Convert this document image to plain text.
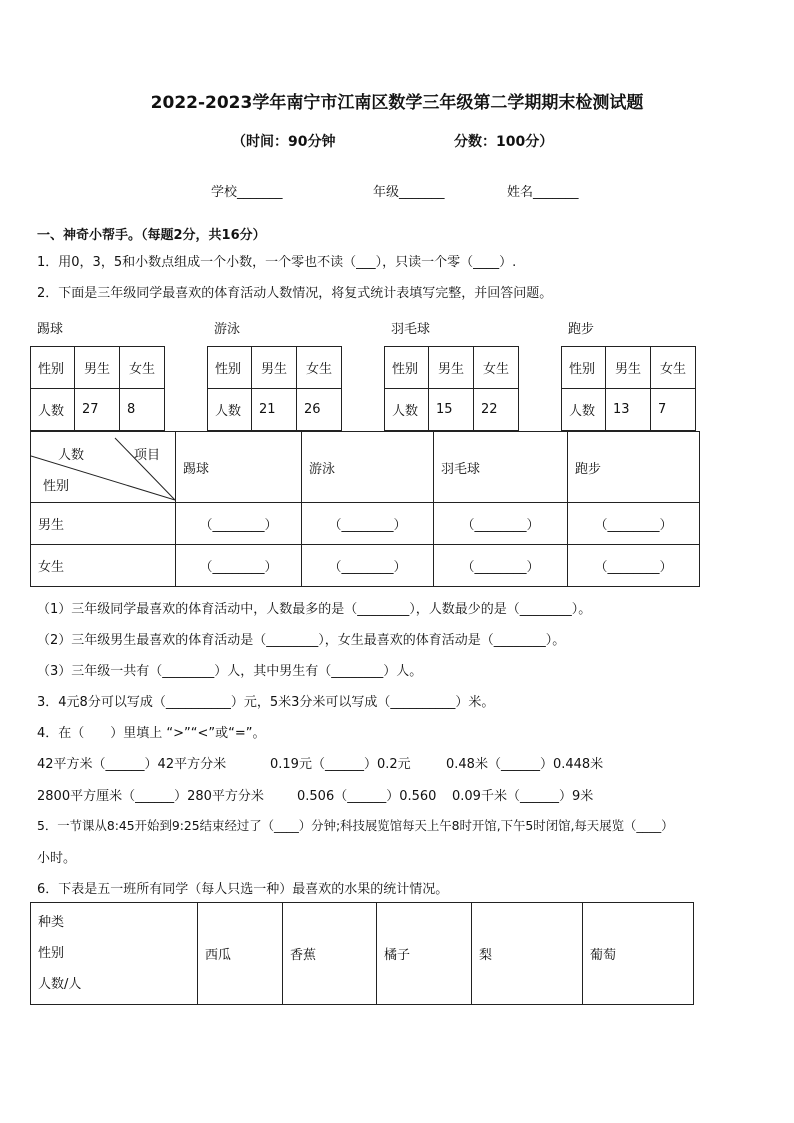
2022-2023学年南宁市江南区数学三年级第二学期期末检测试题
（时间：90分钟	分数：100分）
学校_______	年级_______	姓名_______
一、神奇小帮手。（每题2分，共16分）
1．用0，3，5和小数点组成一个小数，一个零也不读（___），只读一个零（____）.
2．下面是三年级同学最喜欢的体育活动人数情况，将复式统计表填写完整，并回答问题。
踢球	游泳	羽毛球	跑步
性别	男生	女生
人数	27	8
性别	男生	女生
人数	21	26
性别	男生	女生
人数	15	22
性别	男生	女生
人数	13	7
人数 项目
性别	踢球	游泳	羽毛球	跑步
男生	（________）	（________）	（________）	（________）
女生	（________）	（________）	（________）	（________）
（1）三年级同学最喜欢的体育活动中，人数最多的是（________），人数最少的是（________）。
（2）三年级男生最喜欢的体育活动是（________），女生最喜欢的体育活动是（________）。
（3）三年级一共有（________）人，其中男生有（________）人。
3．4元8分可以写成（__________）元，5米3分米可以写成（__________）米。
4．在（　　）里填上 “>”“<”或“=”。
42平方米（______）42平方分米	0.19元（______）0.2元	0.48米（______）0.448米
2800平方厘米（______）280平方分米	0.506（______）0.560 0.09千米（______）9米
5．一节课从8:45开始到9:25结束经过了（____）分钟;科技展览馆每天上午8时开馆,下午5时闭馆,每天展览（____）
小时。
6．下表是五一班所有同学（每人只选一种）最喜欢的水果的统计情况。
种类
性别
人数/人
	西瓜	香蕉	橘子	梨	葡萄
